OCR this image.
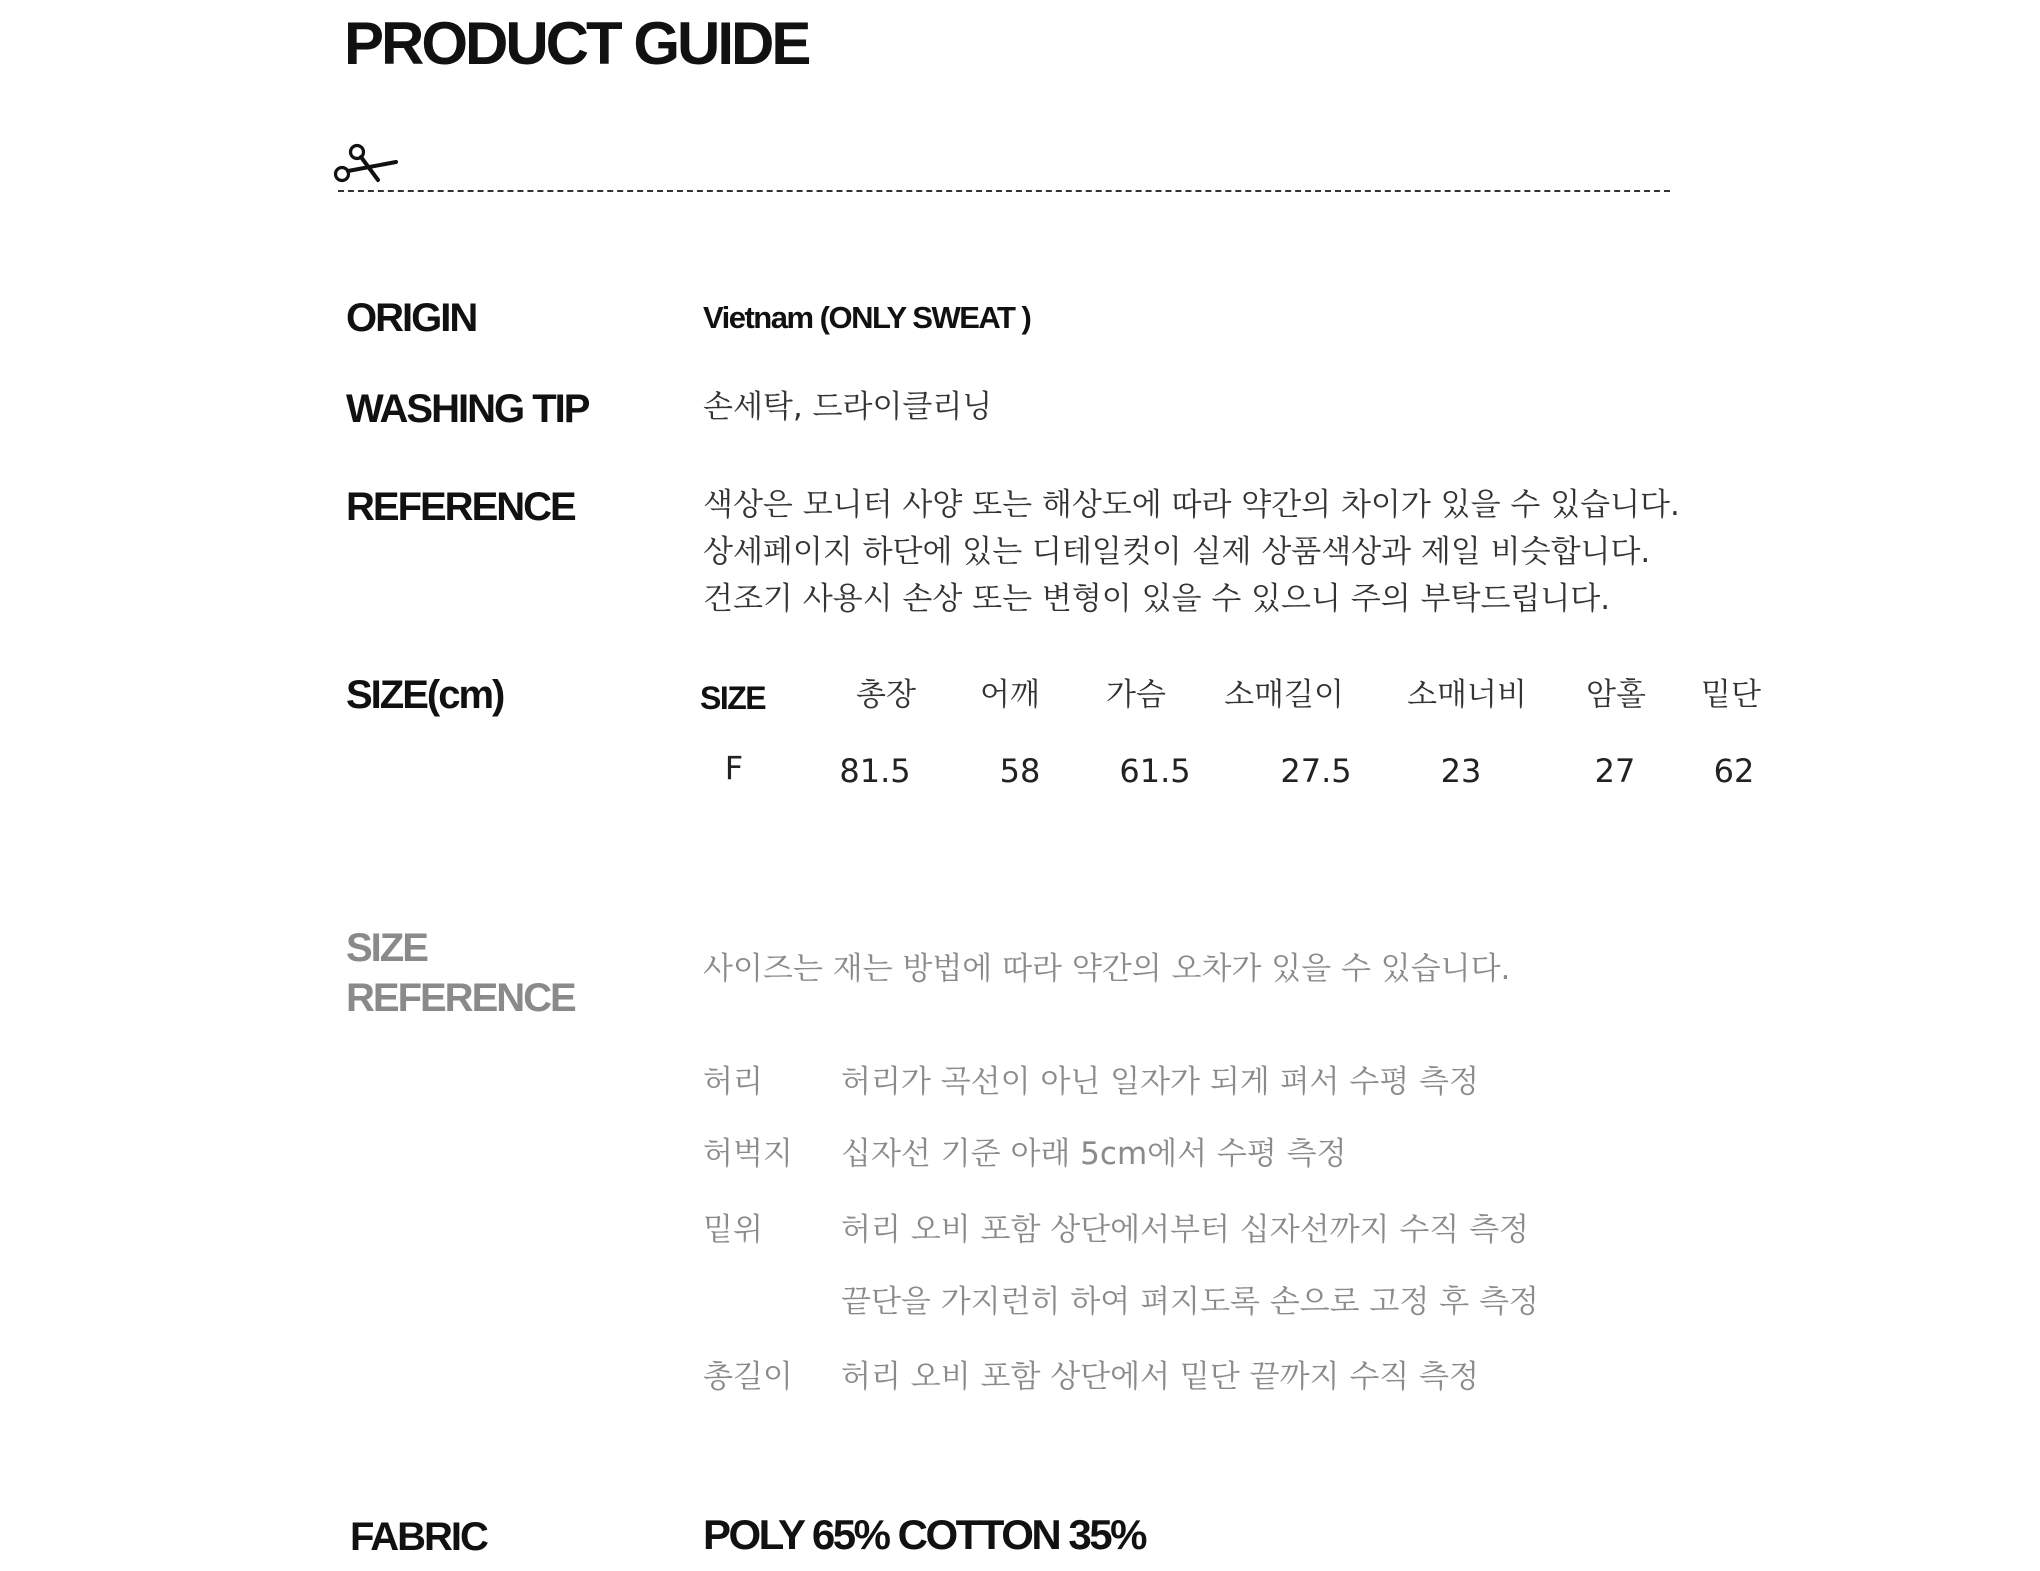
PRODUCT GUIDE
ORIGIN	Vietnam (ONLY SWEAT )
WASHING TIP	손세탁, 드라이클리닝
REFERENCE	색상은 모니터 사양 또는 해상도에 따라 약간의 차이가 있을 수 있습니다.
상세페이지 하단에 있는 디테일컷이 실제 상품색상과 제일 비슷합니다.
건조기 사용시 손상 또는 변형이 있을 수 있으니 주의 부탁드립니다.
SIZE(cm)	SIZE	총장 어깨 가슴 소매길이 소매너비 암홀 밑단
F	81.5	58 61.5	27.5	23	27 62
SIZE
REFERENCE
사이즈는 재는 방법에 따라 약간의 오차가 있을 수 있습니다.
허리	허리가 곡선이 아닌 일자가 되게 펴서 수평 측정
허벅지 십자선 기준 아래 5cm에서 수평 측정
밑위	허리 오비 포함 상단에서부터 십자선까지 수직 측정
끝단을 가지런히 하여 펴지도록 손으로 고정 후 측정
총길이 허리 오비 포함 상단에서 밑단 끝까지 수직 측정
FABRIC	POLY 65% COTTON 35%
